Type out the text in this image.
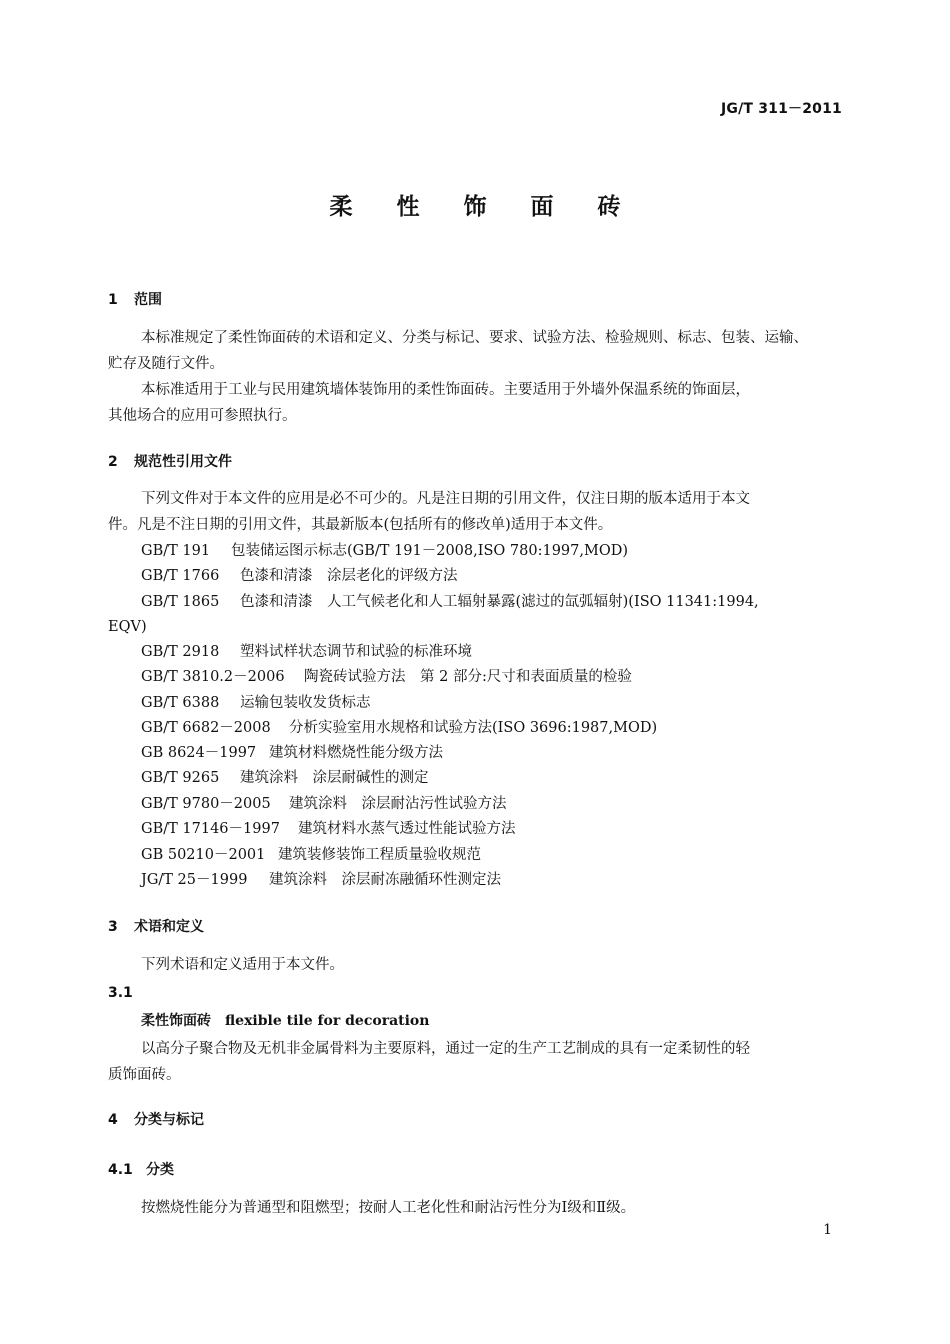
JG/T 311－2011
柔 性 饰 面 砖
1 范围
本标准规定了柔性饰面砖的术语和定义、分类与标记、要求、试验方法、检验规则、标志、包装、运输、
贮存及随行文件。
本标准适用于工业与民用建筑墙体装饰用的柔性饰面砖。主要适用于外墙外保温系统的饰面层，
其他场合的应用可参照执行。
2 规范性引用文件
下列文件对于本文件的应用是必不可少的。凡是注日期的引用文件，仅注日期的版本适用于本文
件。凡是不注日期的引用文件，其最新版本(包括所有的修改单)适用于本文件。
GB/T 191 包装储运图示标志(GB/T 191－2008,ISO 780:1997,MOD)
GB/T 1766 色漆和清漆　涂层老化的评级方法
GB/T 1865 色漆和清漆　人工气候老化和人工辐射暴露(滤过的氙弧辐射)(ISO 11341:1994,
EQV)
GB/T 2918 塑料试样状态调节和试验的标准环境
GB/T 3810.2－2006 陶瓷砖试验方法　第 2 部分:尺寸和表面质量的检验
GB/T 6388 运输包装收发货标志
GB/T 6682－2008 分析实验室用水规格和试验方法(ISO 3696:1987,MOD)
GB 8624－1997 建筑材料燃烧性能分级方法
GB/T 9265 建筑涂料　涂层耐碱性的测定
GB/T 9780－2005 建筑涂料　涂层耐沾污性试验方法
GB/T 17146－1997 建筑材料水蒸气透过性能试验方法
GB 50210－2001 建筑装修装饰工程质量验收规范
JG/T 25－1999 建筑涂料　涂层耐冻融循环性测定法
3 术语和定义
下列术语和定义适用于本文件。
3.1
柔性饰面砖 flexible tile for decoration
以高分子聚合物及无机非金属骨料为主要原料，通过一定的生产工艺制成的具有一定柔韧性的轻
质饰面砖。
4 分类与标记
4.1 分类
按燃烧性能分为普通型和阻燃型；按耐人工老化性和耐沾污性分为Ⅰ级和Ⅱ级。
1
